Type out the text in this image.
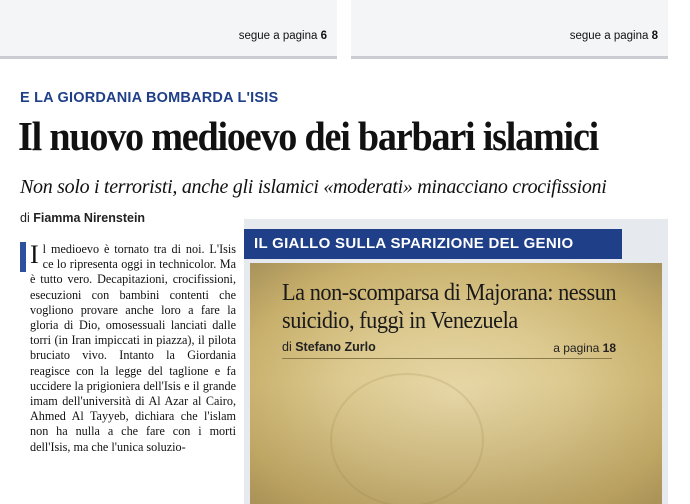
segue a pagina 6	segue a pagina 8
E LA GIORDANIA BOMBARDA L'ISIS
Il nuovo medioevo dei barbari islamici
Non solo i terroristi, anche gli islamici «moderati» minacciano crocifissioni
di Fiamma Nirenstein

Il medioevo è tornato tra di noi. L'Isis ce lo ripresenta oggi in technicolor. Ma è tutto vero. Decapitazioni, crocifissioni, esecuzioni con bambini contenti che vogliono provare anche loro a fare la gloria di Dio, omosessuali lanciati dalle torri (in Iran impiccati in piazza), il pilota bruciato vivo. Intanto la Giordania reagisce con la legge del taglione e fa uccidere la prigioniera dell'Isis e il grande imam dell'università di Al Azar al Cairo, Ahmed Al Tayyeb, dichiara che l'islam non ha nulla a che fare con i morti dell'Isis, ma che l'unica soluzio-

IL GIALLO SULLA SPARIZIONE DEL GENIO
La non-scomparsa di Majorana: nessun suicidio, fuggì in Venezuela
di Stefano Zurlo	a pagina 18
